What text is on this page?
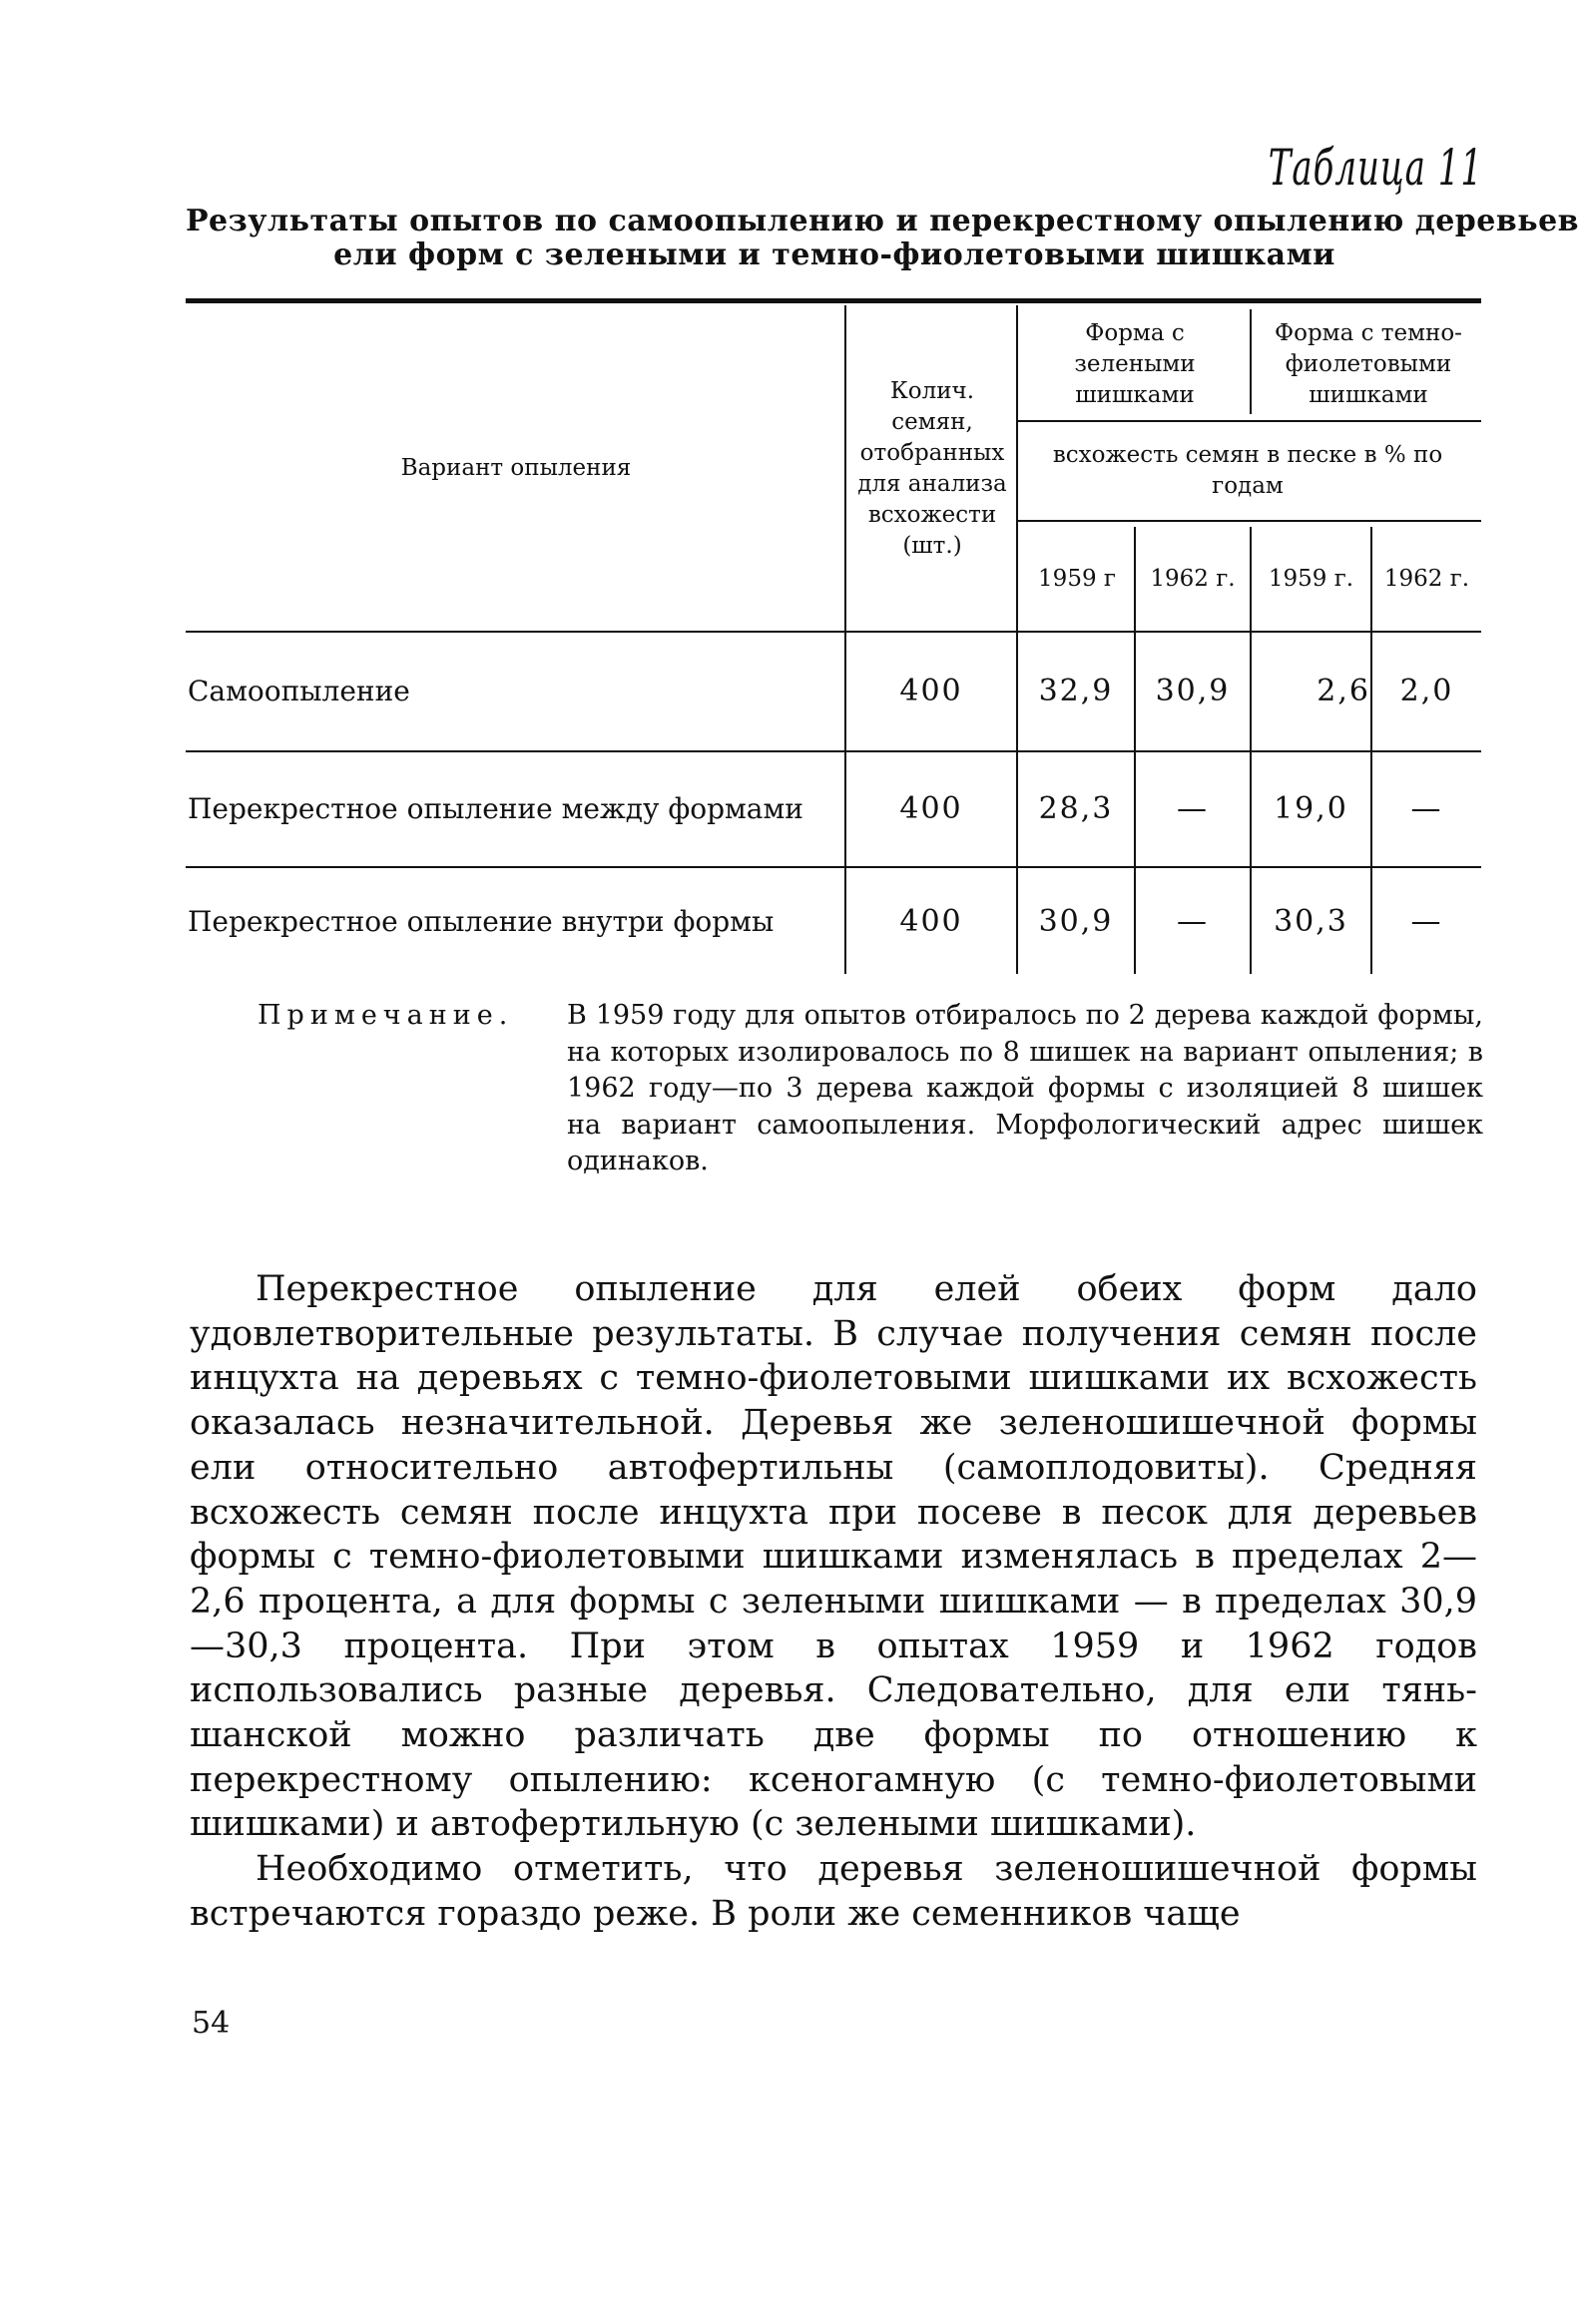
Таблица 11
Результаты опытов по самоопылению и перекрестному опылению деревьев
ели форм с зелеными и темно-фиолетовыми шишками
Вариант опыления
Колич. семян, отобранных для анализа всхожести (шт.)
Форма с зелеными шишками
Форма с темно-фиолетовыми шишками
всхожесть семян в песке в % по годам
1959 г	1962 г.	1959 г.	1962 г.
Самоопыление	400	32,9	30,9	2,6 2,0
Перекрестное опыление между формами	400	28,3	—	19,0	—
Перекрестное опыление внутри формы	400	30,9	—	30,3	—
Примечание. В 1959 году для опытов отбиралось по 2 дерева каждой формы, на которых изолировалось по 8 шишек на вариант опыления; в 1962 году—по 3 дерева каждой формы с изоляцией 8 шишек на вариант самоопыления. Морфологический адрес шишек одинаков.

Перекрестное опыление для елей обеих форм дало удовлетворительные результаты. В случае получения семян после инцухта на деревьях с темно-фиолетовыми шишками их всхожесть оказалась незначительной. Деревья же зеленошишечной формы ели относительно автофертильны (самоплодовиты). Средняя всхожесть семян после инцухта при посеве в песок для деревьев формы с темно-фиолетовыми шишками изменялась в пределах 2—2,6 процента, а для формы с зелеными шишками — в пределах 30,9—30,3 процента. При этом в опытах 1959 и 1962 годов использовались разные деревья. Следовательно, для ели тянь-шанской можно различать две формы по отношению к перекрестному опылению: ксеногамную (с темно-фиолетовыми шишками) и автофертильную (с зелеными шишками).

Необходимо отметить, что деревья зеленошишечной формы встречаются гораздо реже. В роли же семенников чаще

54
